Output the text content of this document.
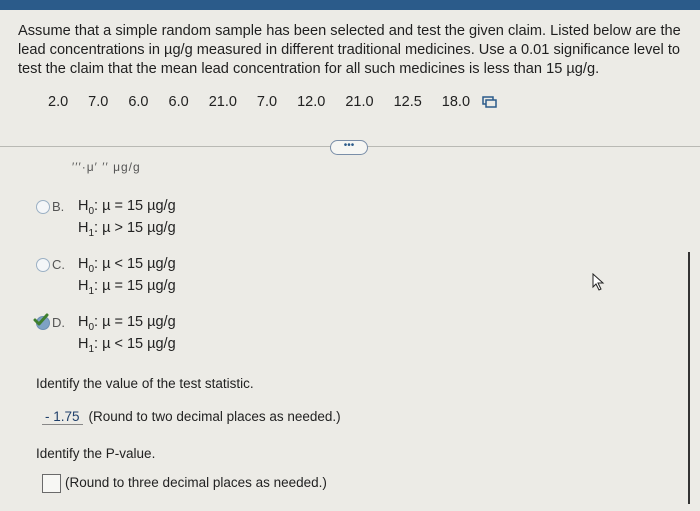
Assume that a simple random sample has been selected and test the given claim. Listed below are the lead concentrations in µg/g measured in different traditional medicines. Use a 0.01 significance level to test the claim that the mean lead concentration for all such medicines is less than 15 µg/g.
2.0 7.0 6.0 6.0 21.0 7.0 12.0 21.0 12.5 18.0
•••
′′′·μ′ ′′ μg/g
B. $H_0$: µ = 15 µg/g
$H_1$: µ > 15 µg/g
C. $H_0$: µ < 15 µg/g
$H_1$: µ = 15 µg/g
D. $H_0$: µ = 15 µg/g
$H_1$: µ < 15 µg/g
Identify the value of the test statistic.
- 1.75 (Round to two decimal places as needed.)
Identify the P-value.
(Round to three decimal places as needed.)
